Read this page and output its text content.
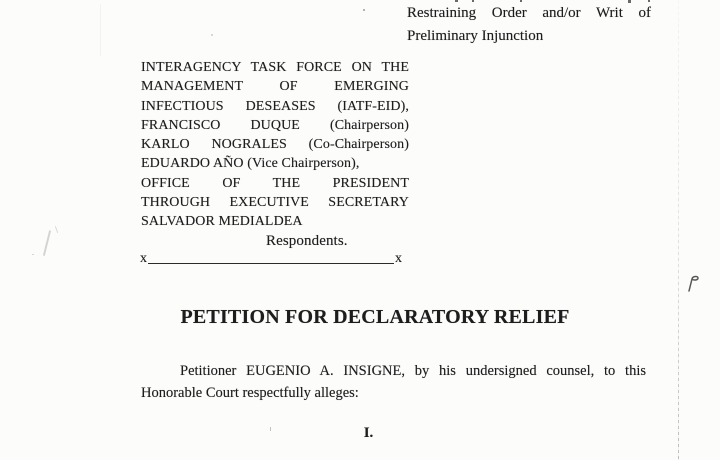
Restraining Order and/or Writ of
Preliminary Injunction
INTERAGENCY TASK FORCE ON THE
MANAGEMENT OF EMERGING
INFECTIOUS DESEASES (IATF-EID),
FRANCISCO DUQUE (Chairperson)
KARLO NOGRALES (Co-Chairperson)
EDUARDO AÑO (Vice Chairperson),
OFFICE OF THE PRESIDENT
THROUGH EXECUTIVE SECRETARY
SALVADOR MEDIALDEA
Respondents.
x	x
PETITION FOR DECLARATORY RELIEF
Petitioner EUGENIO A. INSIGNE, by his undersigned counsel, to this
Honorable Court respectfully alleges:
I.
